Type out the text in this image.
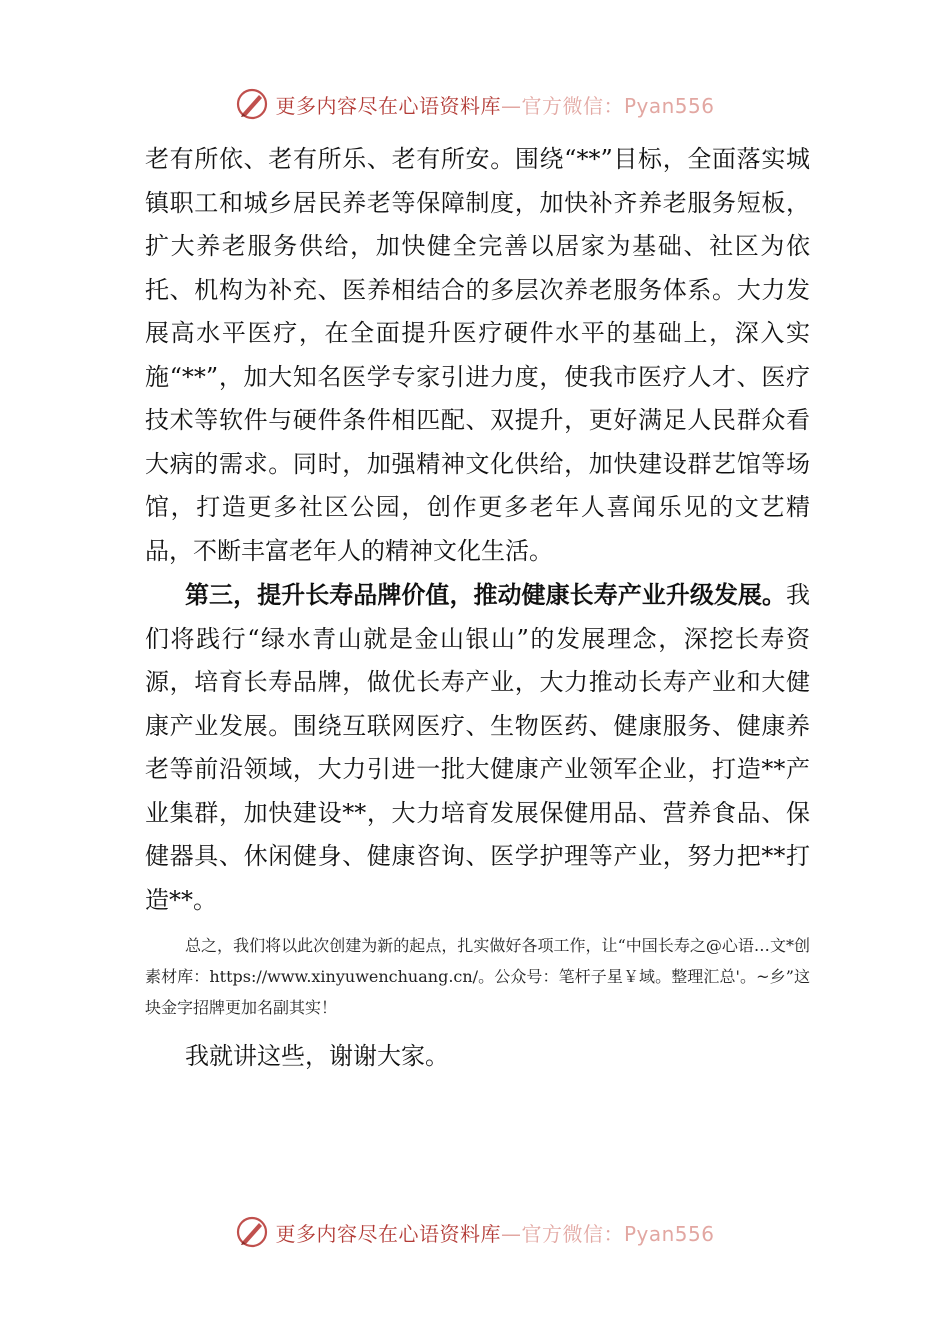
更多内容尽在心语资料库—官方微信：Pyan556

老有所依、老有所乐、老有所安。围绕“**”目标，全面落实城镇职工和城乡居民养老等保障制度，加快补齐养老服务短板，扩大养老服务供给，加快健全完善以居家为基础、社区为依托、机构为补充、医养相结合的多层次养老服务体系。大力发展高水平医疗，在全面提升医疗硬件水平的基础上，深入实施“**”，加大知名医学专家引进力度，使我市医疗人才、医疗技术等软件与硬件条件相匹配、双提升，更好满足人民群众看大病的需求。同时，加强精神文化供给，加快建设群艺馆等场馆，打造更多社区公园，创作更多老年人喜闻乐见的文艺精品，不断丰富老年人的精神文化生活。

第三，提升长寿品牌价值，推动健康长寿产业升级发展。我们将践行“绿水青山就是金山银山”的发展理念，深挖长寿资源，培育长寿品牌，做优长寿产业，大力推动长寿产业和大健康产业发展。围绕互联网医疗、生物医药、健康服务、健康养老等前沿领域，大力引进一批大健康产业领军企业，打造**产业集群，加快建设**，大力培育发展保健用品、营养食品、保健器具、休闲健身、健康咨询、医学护理等产业，努力把**打造**。

总之，我们将以此次创建为新的起点，扎实做好各项工作，让“中国长寿之@心语…文*创素材库：https://www.xinyuwenchuang.cn/。公众号：笔杆子星￥域。整理汇总'。~乡”这块金字招牌更加名副其实！

我就讲这些，谢谢大家。

更多内容尽在心语资料库—官方微信：Pyan556
